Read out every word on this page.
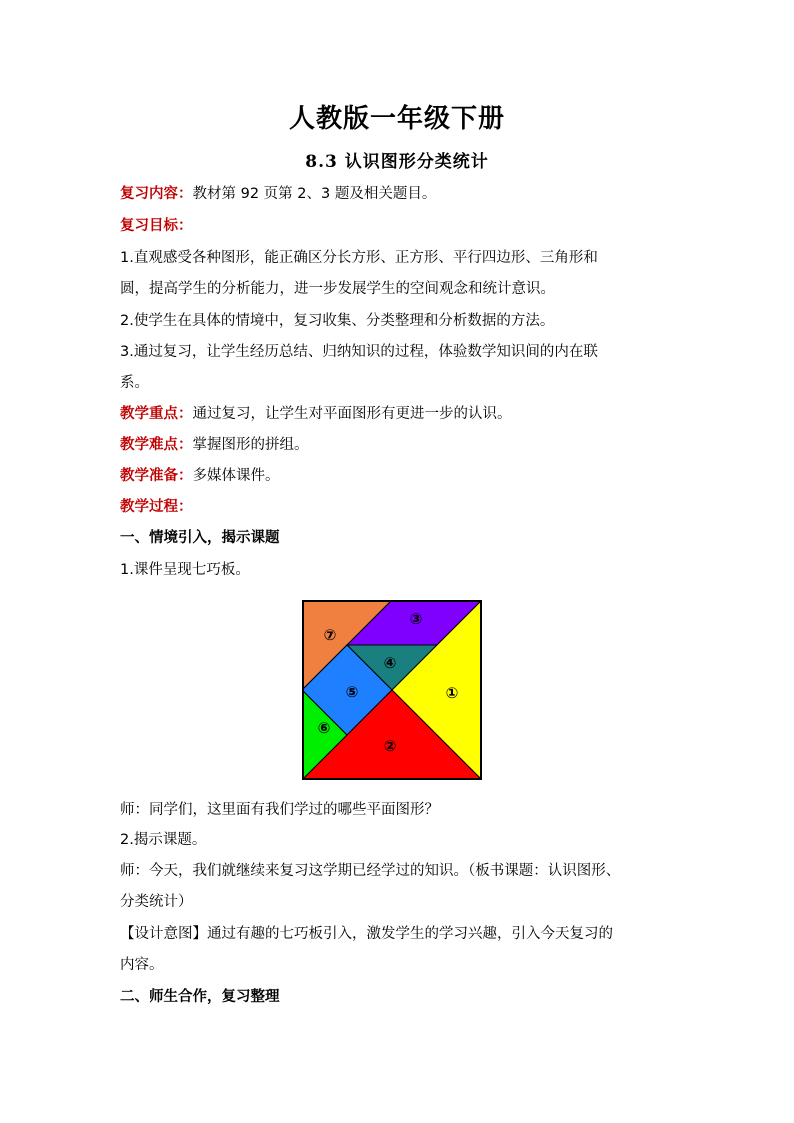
人教版一年级下册
8.3 认识图形分类统计
复习内容：教材第 92 页第 2、3 题及相关题目。
复习目标：
1.直观感受各种图形，能正确区分长方形、正方形、平行四边形、三角形和
圆，提高学生的分析能力，进一步发展学生的空间观念和统计意识。
2.使学生在具体的情境中，复习收集、分类整理和分析数据的方法。
3.通过复习，让学生经历总结、归纳知识的过程，体验数学知识间的内在联
系。
教学重点：通过复习，让学生对平面图形有更进一步的认识。
教学难点：掌握图形的拼组。
教学准备：多媒体课件。
教学过程：
一、情境引入，揭示课题
1.课件呈现七巧板。
①
②
③
④
⑤
⑥
⑦
师：同学们，这里面有我们学过的哪些平面图形？
2.揭示课题。
师：今天，我们就继续来复习这学期已经学过的知识。（板书课题：认识图形、
分类统计）
【设计意图】通过有趣的七巧板引入，激发学生的学习兴趣，引入今天复习的
内容。
二、师生合作，复习整理
